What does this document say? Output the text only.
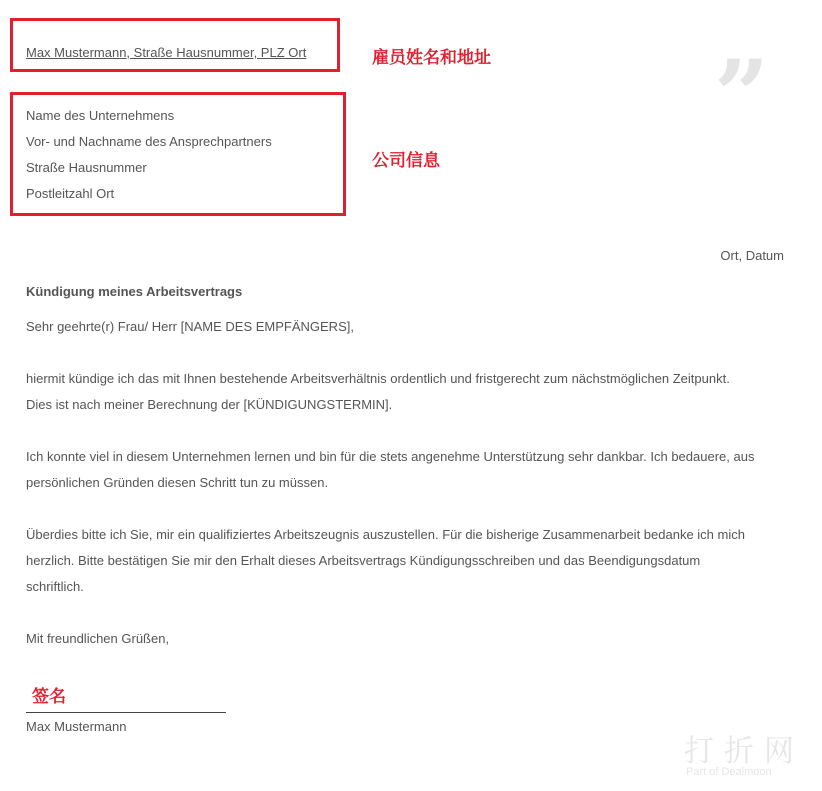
Max Mustermann, Straße Hausnummer, PLZ Ort	雇员姓名和地址
Name des Unternehmens
Vor- und Nachname des Ansprechpartners
Straße Hausnummer
Postleitzahl Ort
公司信息
”
Ort, Datum
Kündigung meines Arbeitsvertrags
Sehr geehrte(r) Frau/ Herr [NAME DES EMPFÄNGERS],
hiermit kündige ich das mit Ihnen bestehende Arbeitsverhältnis ordentlich und fristgerecht zum nächstmöglichen Zeitpunkt.
Dies ist nach meiner Berechnung der [KÜNDIGUNGSTERMIN].
Ich konnte viel in diesem Unternehmen lernen und bin für die stets angenehme Unterstützung sehr dankbar. Ich bedauere, aus
persönlichen Gründen diesen Schritt tun zu müssen.
Überdies bitte ich Sie, mir ein qualifiziertes Arbeitszeugnis auszustellen. Für die bisherige Zusammenarbeit bedanke ich mich
herzlich. Bitte bestätigen Sie mir den Erhalt dieses Arbeitsvertrags Kündigungsschreiben und das Beendigungsdatum
schriftlich.
Mit freundlichen Grüßen,
签名
Max Mustermann
打折网
Part of Dealmoon
